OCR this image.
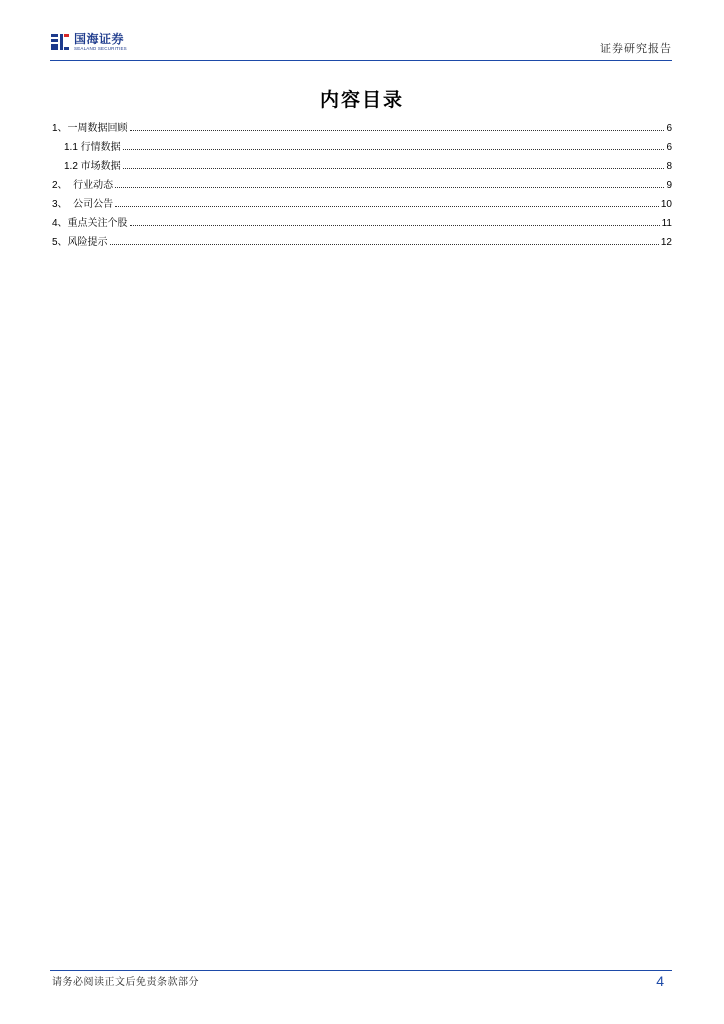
国海证券
SEALAND SECURITIES	证券研究报告
内容目录
1、一周数据回顾	6
1.1 行情数据	6
1.2 市场数据	8
2、  行业动态	9
3、  公司公告	10
4、重点关注个股	11
5、风险提示	12
请务必阅读正文后免责条款部分	4
